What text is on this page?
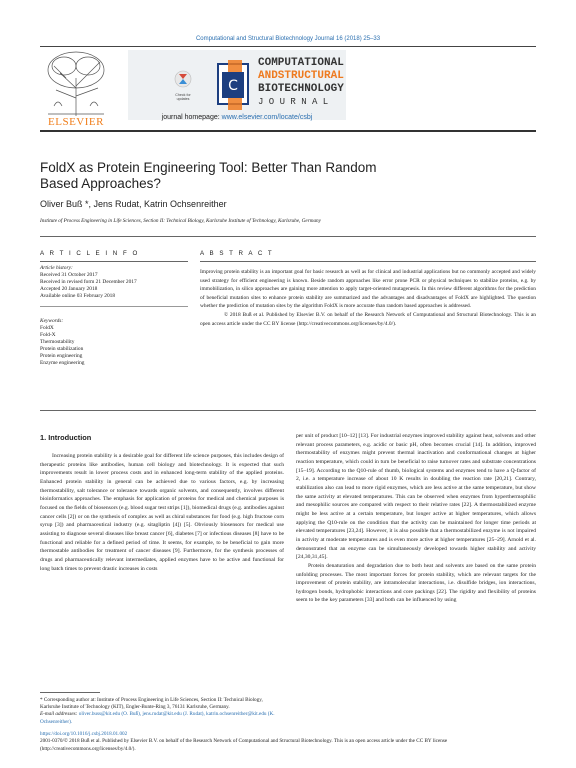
Computational and Structural Biotechnology Journal 16 (2018) 25–33
ELSEVIER
Check for
updates
C
COMPUTATIONAL
ANDSTRUCTURAL
BIOTECHNOLOGY
J O U R N A L
journal homepage: www.elsevier.com/locate/csbj
FoldX as Protein Engineering Tool: Better Than Random
Based Approaches?
Oliver Buß *, Jens Rudat, Katrin Ochsenreither
Institute of Process Engineering in Life Sciences, Section II: Technical Biology, Karlsruhe Institute of Technology, Karlsruhe, Germany
A R T I C L E I N F O
Article history:
Received 31 October 2017
Received in revised form 21 December 2017
Accepted 20 January 2018
Available online 03 February 2018
Keywords:
FoldX
Fold-X
Thermostability
Protein stabilization
Protein engineering
Enzyme engineering
A B S T R A C T
Improving protein stability is an important goal for basic research as well as for clinical and industrial applications but no commonly accepted and widely used strategy for efficient engineering is known. Beside random approaches like error prone PCR or physical techniques to stabilize proteins, e.g. by immobilization, in silico approaches are gaining more attention to apply target-oriented mutagenesis. In this review different algorithms for the prediction of beneficial mutation sites to enhance protein stability are summarized and the advantages and disadvantages of FoldX are highlighted. The question whether the prediction of mutation sites by the algorithm FoldX is more accurate than random based approaches is addressed.
© 2018 Buß et al. Published by Elsevier B.V. on behalf of the Research Network of Computational and Structural Biotechnology. This is an open access article under the CC BY license (http://creativecommons.org/licenses/by/4.0/).
1. Introduction

Increasing protein stability is a desirable goal for different life science purposes, this includes design of therapeutic proteins like antibodies, human cell biology and biotechnology. It is expected that such improvements result in lower process costs and in enhanced long-term stability of the applied proteins. Enhanced protein stability in general can be achieved due to various factors, e.g. by increasing thermostability, salt tolerance or tolerance towards organic solvents, and consequently, involves different bioinformatics approaches. The emphasis for application of proteins for medical and chemical purposes is focused on the fields of biosensors (e.g. blood sugar test strips [1]), biomedical drugs (e.g. antibodies against cancer cells [2]) or on the synthesis of complex as well as chiral substances for food (e.g. high fructose corn syrup [3]) and pharmaceutical industry (e.g. sitagliptin [4]) [5]. Obviously biosensors for medical use assisting to diagnose several diseases like breast cancer [6], diabetes [7] or infectious diseases [8] have to be functional and reliable for a defined period of time. It seems, for example, to be beneficial to gain more thermostable antibodies for treatment of cancer diseases [9]. Furthermore, for the synthesis processes of drugs and pharmaceutically relevant intermediates, applied enzymes have to be active and functional for long batch times to prevent drastic increases in costs

per unit of product [10–12] [13]. For industrial enzymes improved stability against heat, solvents and other relevant process parameters, e.g. acidic or basic pH, often becomes crucial [14]. In addition, improved thermostability of enzymes might prevent thermal inactivation and conformational changes at higher reaction temperature, which could in turn be beneficial to raise turnover rates and substrate concentrations [15–19]. According to the Q10-rule of thumb, biological systems and enzymes tend to have a Q-factor of 2, i.e. a temperature increase of about 10 K results in doubling the reaction rate [20,21]. Contrary, stabilization also can lead to more rigid enzymes, which are less active at the same temperature, but show the same activity at elevated temperatures. This can be observed when enzymes from hyperthermophilic and mesophilic sources are compared with respect to their relative rates [22]. A thermostabilized enzyme might be less active at a certain temperature, but longer active at higher temperatures, which allows applying the Q10-rule on the condition that the activity can be maintained for longer time periods at elevated temperatures [23,24]. However, it is also possible that a thermostabilized enzyme is not impaired in activity at moderate temperatures and is even more active at higher temperatures [25–29]. Arnold et al. demonstrated that an enzyme can be simultaneously developed towards higher stability and activity [24,30,31,45].

Protein denaturation and degradation due to both heat and solvents are based on the same protein unfolding processes. The most important forces for protein stability, which are relevant targets for the improvement of protein stability, are intramolecular interactions, i.e. disulfide bridges, ion interactions, hydrogen bonds, hydrophobic interactions and core packings [22]. The rigidity and flexibility of proteins seem to be the key parameters [33] and both can be influenced by using

* Corresponding author at: Institute of Process Engineering in Life Sciences, Section II: Technical Biology, Karlsruhe Institute of Technology (KIT), Engler-Bunte-Ring 3, 76131 Karlsruhe, Germany.
E-mail addresses: oliver.buss@kit.edu (O. Buß), jens.rudat@kit.edu (J. Rudat), katrin.ochsenreither@kit.edu (K. Ochsenreither).
https://doi.org/10.1016/j.csbj.2018.01.002
2001-0370/© 2018 Buß et al. Published by Elsevier B.V. on behalf of the Research Network of Computational and Structural Biotechnology. This is an open access article under the CC BY license (http://creativecommons.org/licenses/by/4.0/).
